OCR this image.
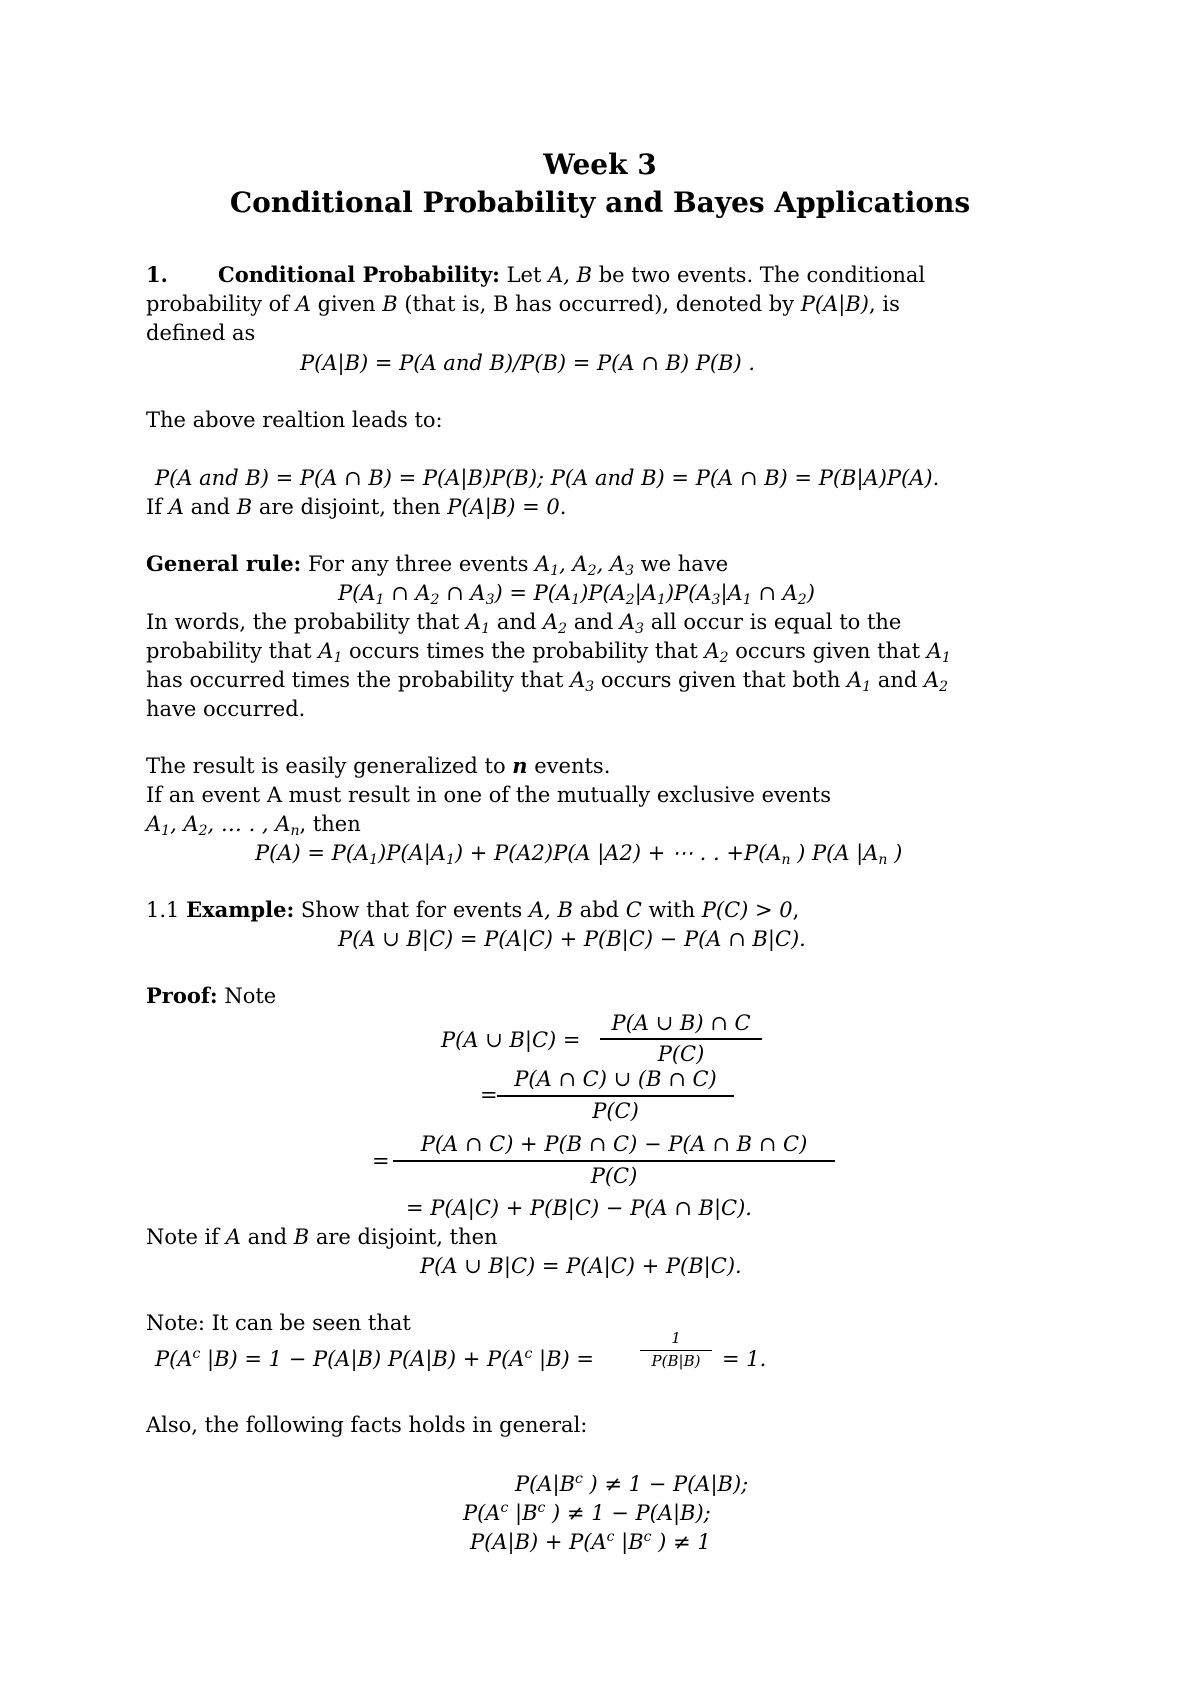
Week 3
Conditional Probability and Bayes Applications
1. Conditional Probability: Let A, B be two events. The conditional
probability of A given B (that is, B has occurred), denoted by P(A|B), is
defined as
P(A|B) = P(A and B)/P(B) = P(A ∩ B) P(B) .
The above realtion leads to:
P(A and B) = P(A ∩ B) = P(A|B)P(B); P(A and B) = P(A ∩ B) = P(B|A)P(A).
If A and B are disjoint, then P(A|B) = 0.
General rule: For any three events $A_1$, $A_2$, $A_3$ we have
$P(A_1$ ∩ $A_2$ ∩ $A_3) = P(A_1)P(A_2|A_1)P(A_3|A_1$ ∩ $A_2$)
In words, the probability that $A_1$ and $A_2$ and $A_3$ all occur is equal to the
probability that $A_1$ occurs times the probability that $A_2$ occurs given that $A_1$
has occurred times the probability that $A_3$ occurs given that both $A_1$ and $A_2$
have occurred.
The result is easily generalized to n events.
If an event A must result in one of the mutually exclusive events
$A_1$, $A_2$, … . , $A_n$, then
$P(A) = P(A_1)P(A|A_1) + P(A2)P(A$ |A2) + ⋯ . . $+P(A_n$ ) P(A $|A_n$ )
1.1 Example: Show that for events A, B abd C with P(C) > 0,
P(A ∪ B|C) = P(A|C) + P(B|C) − P(A ∩ B|C).
Proof: Note
P(A ∪ B|C) =
P(A ∪ B) ∩ C
P(C)
=
P(A ∩ C) ∪ (B ∩ C)
P(C)
=
P(A ∩ C) + P(B ∩ C) − P(A ∩ B ∩ C)
P(C)
= P(A|C) + P(B|C) − P(A ∩ B|C).
Note if A and B are disjoint, then
P(A ∪ B|C) = P(A|C) + P(B|C).
Note: It can be seen that
$P(A^c$ |B) = 1 − P(A|B) $P(A|B) + P(A^c$ |B) =
1
P(B|B)	= 1.
Also, the following facts holds in general:
$P(A|B^c$ ) ≠ 1 − P(A|B);
$P(A^c$ $|B^c$ ) ≠ 1 − P(A|B);
$P(A|B) + P(A^c$ $|B^c$ ) ≠ 1
